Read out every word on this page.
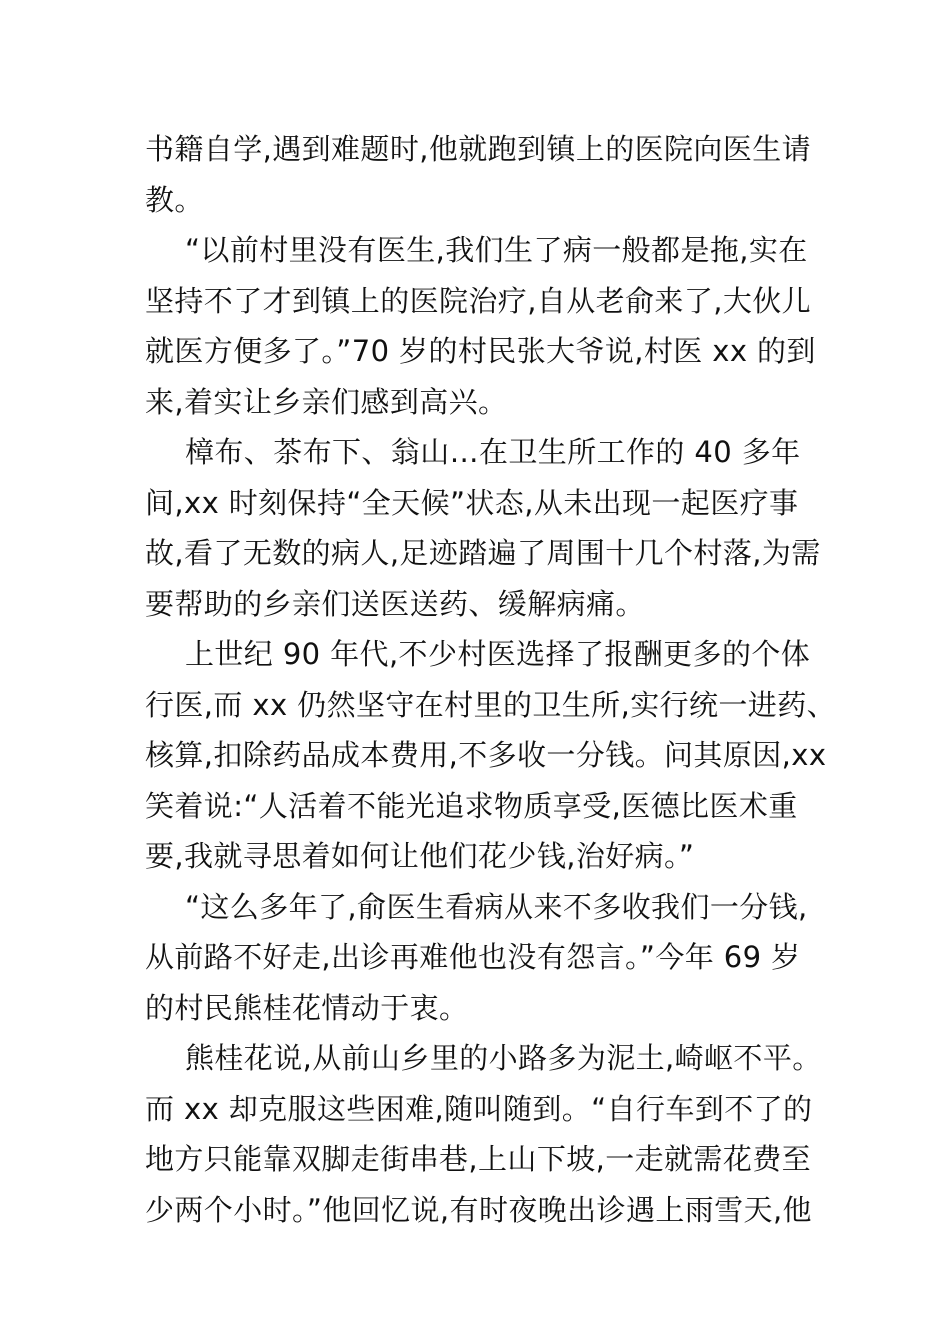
书籍自学,遇到难题时,他就跑到镇上的医院向医生请
教。
“以前村里没有医生,我们生了病一般都是拖,实在
坚持不了才到镇上的医院治疗,自从老俞来了,大伙儿
就医方便多了。”70 岁的村民张大爷说,村医 xx 的到
来,着实让乡亲们感到高兴。
樟布、茶布下、翁山…在卫生所工作的 40 多年
间,xx 时刻保持“全天候”状态,从未出现一起医疗事
故,看了无数的病人,足迹踏遍了周围十几个村落,为需
要帮助的乡亲们送医送药、缓解病痛。
上世纪 90 年代,不少村医选择了报酬更多的个体
行医,而 xx 仍然坚守在村里的卫生所,实行统一进药、
核算,扣除药品成本费用,不多收一分钱。问其原因,xx
笑着说:“人活着不能光追求物质享受,医德比医术重
要,我就寻思着如何让他们花少钱,治好病。”
“这么多年了,俞医生看病从来不多收我们一分钱,
从前路不好走,出诊再难他也没有怨言。”今年 69 岁
的村民熊桂花情动于衷。
熊桂花说,从前山乡里的小路多为泥土,崎岖不平。
而 xx 却克服这些困难,随叫随到。“自行车到不了的
地方只能靠双脚走街串巷,上山下坡,一走就需花费至
少两个小时。”他回忆说,有时夜晚出诊遇上雨雪天,他
